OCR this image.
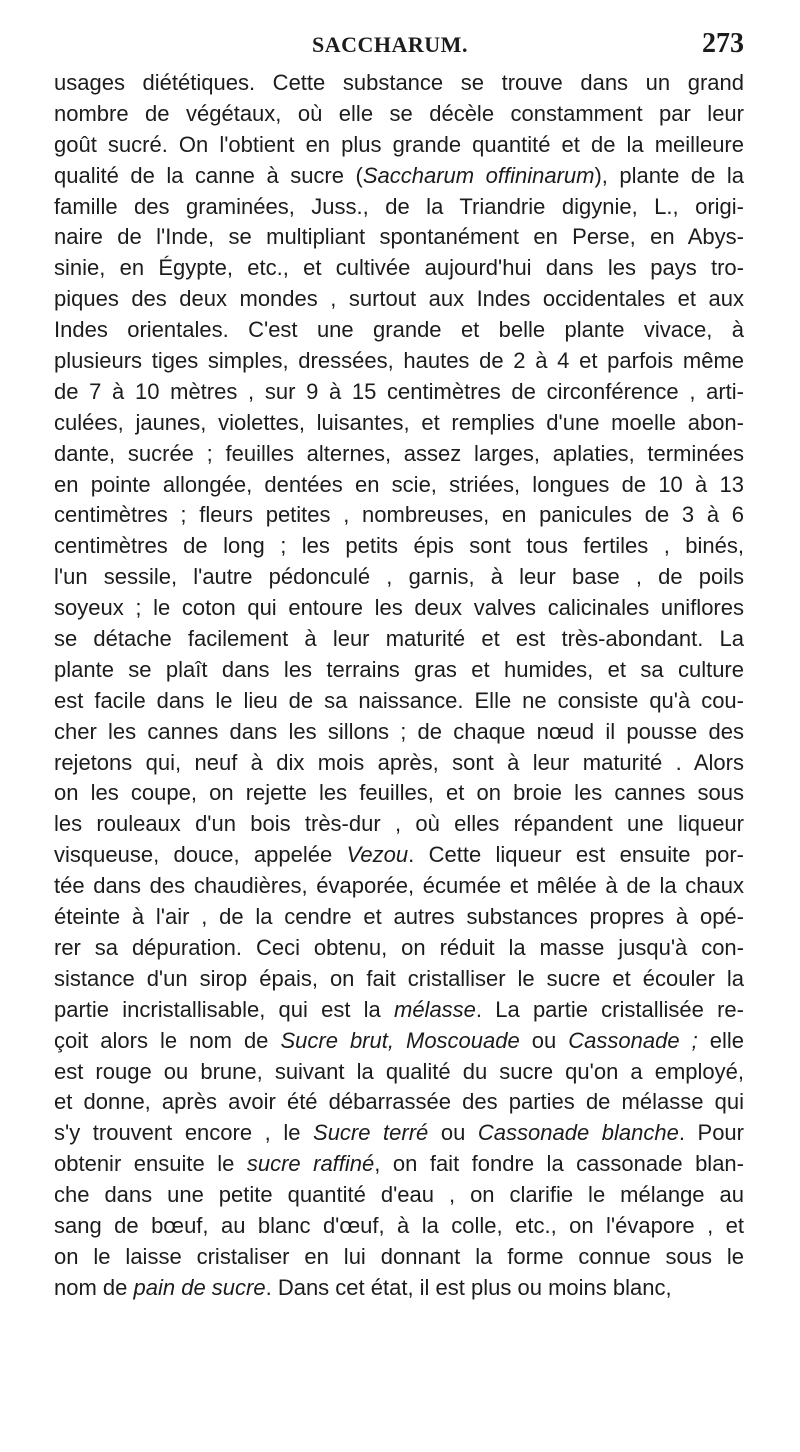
SACCHARUM.	273
usages diététiques. Cette substance se trouve dans un grand
nombre de végétaux, où elle se décèle constamment par leur
goût sucré. On l'obtient en plus grande quantité et de la meilleure
qualité de la canne à sucre (Saccharum offininarum), plante de la
famille des graminées, Juss., de la Triandrie digynie, L., origi-
naire de l'Inde, se multipliant spontanément en Perse, en Abys-
sinie, en Égypte, etc., et cultivée aujourd'hui dans les pays tro-
piques des deux mondes , surtout aux Indes occidentales et aux
Indes orientales. C'est une grande et belle plante vivace, à
plusieurs tiges simples, dressées, hautes de 2 à 4 et parfois même
de 7 à 10 mètres , sur 9 à 15 centimètres de circonférence , arti-
culées, jaunes, violettes, luisantes, et remplies d'une moelle abon-
dante, sucrée ; feuilles alternes, assez larges, aplaties, terminées
en pointe allongée, dentées en scie, striées, longues de 10 à 13
centimètres ; fleurs petites , nombreuses, en panicules de 3 à 6
centimètres de long ; les petits épis sont tous fertiles , binés,
l'un sessile, l'autre pédonculé , garnis, à leur base , de poils
soyeux ; le coton qui entoure les deux valves calicinales uniflores
se détache facilement à leur maturité et est très-abondant. La
plante se plaît dans les terrains gras et humides, et sa culture
est facile dans le lieu de sa naissance. Elle ne consiste qu'à cou-
cher les cannes dans les sillons ; de chaque nœud il pousse des
rejetons qui, neuf à dix mois après, sont à leur maturité . Alors
on les coupe, on rejette les feuilles, et on broie les cannes sous
les rouleaux d'un bois très-dur , où elles répandent une liqueur
visqueuse, douce, appelée Vezou. Cette liqueur est ensuite por-
tée dans des chaudières, évaporée, écumée et mêlée à de la chaux
éteinte à l'air , de la cendre et autres substances propres à opé-
rer sa dépuration. Ceci obtenu, on réduit la masse jusqu'à con-
sistance d'un sirop épais, on fait cristalliser le sucre et écouler la
partie incristallisable, qui est la mélasse. La partie cristallisée re-
çoit alors le nom de Sucre brut, Moscouade ou Cassonade ; elle
est rouge ou brune, suivant la qualité du sucre qu'on a employé,
et donne, après avoir été débarrassée des parties de mélasse qui
s'y trouvent encore , le Sucre terré ou Cassonade blanche. Pour
obtenir ensuite le sucre raffiné, on fait fondre la cassonade blan-
che dans une petite quantité d'eau , on clarifie le mélange au
sang de bœuf, au blanc d'œuf, à la colle, etc., on l'évapore , et
on le laisse cristaliser en lui donnant la forme connue sous le
nom de pain de sucre. Dans cet état, il est plus ou moins blanc,
